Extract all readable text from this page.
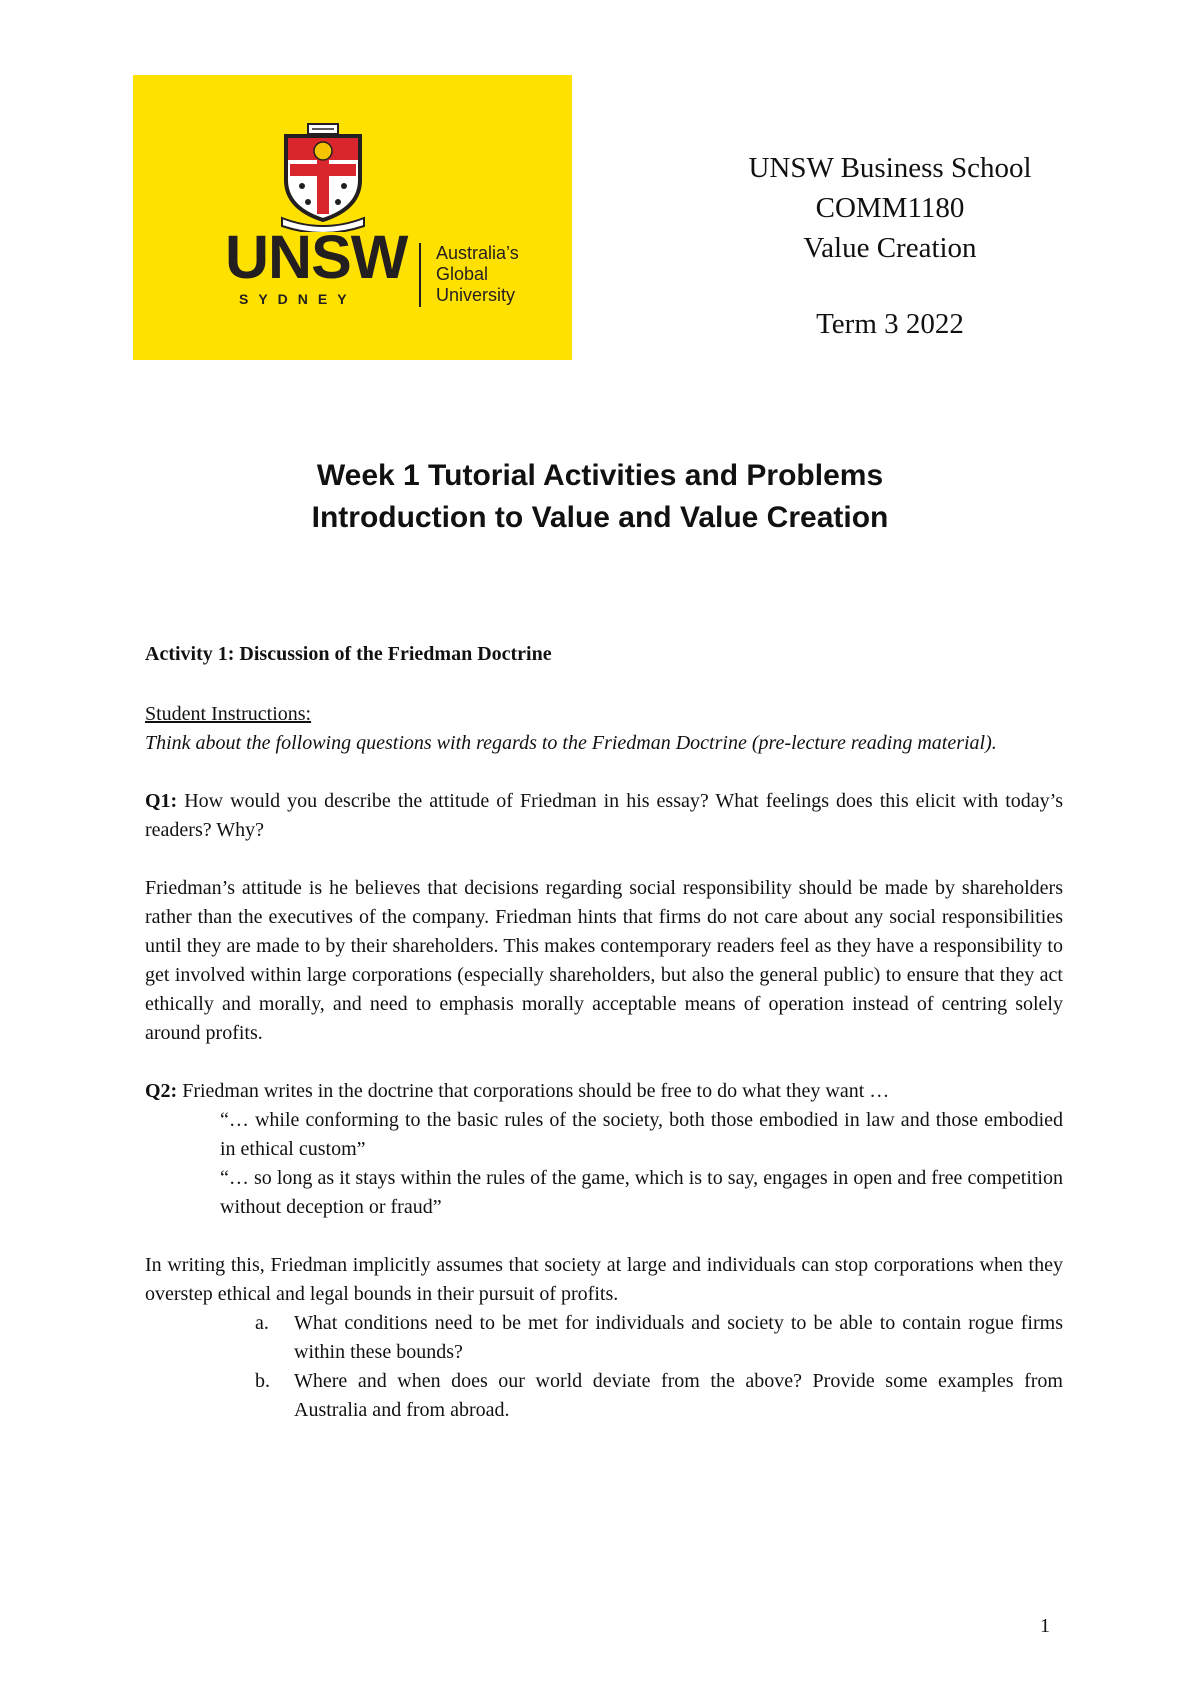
UNSW
SYDNEY
Australia’s
Global
University
UNSW Business School
COMM1180
Value Creation
Term 3 2022
Week 1 Tutorial Activities and Problems
Introduction to Value and Value Creation

Activity 1: Discussion of the Friedman Doctrine

Student Instructions:

Think about the following questions with regards to the Friedman Doctrine (pre-lecture reading material).

Q1: How would you describe the attitude of Friedman in his essay? What feelings does this elicit with today’s readers? Why?

Friedman’s attitude is he believes that decisions regarding social responsibility should be made by shareholders rather than the executives of the company. Friedman hints that firms do not care about any social responsibilities until they are made to by their shareholders. This makes contemporary readers feel as they have a responsibility to get involved within large corporations (especially shareholders, but also the general public) to ensure that they act ethically and morally, and need to emphasis morally acceptable means of operation instead of centring solely around profits.

Q2: Friedman writes in the doctrine that corporations should be free to do what they want …

“… while conforming to the basic rules of the society, both those embodied in law and those embodied in ethical custom”

“… so long as it stays within the rules of the game, which is to say, engages in open and free competition without deception or fraud”

In writing this, Friedman implicitly assumes that society at large and individuals can stop corporations when they overstep ethical and legal bounds in their pursuit of profits.

a. What conditions need to be met for individuals and society to be able to contain rogue firms within these bounds?
b. Where and when does our world deviate from the above? Provide some examples from Australia and from abroad.
1
